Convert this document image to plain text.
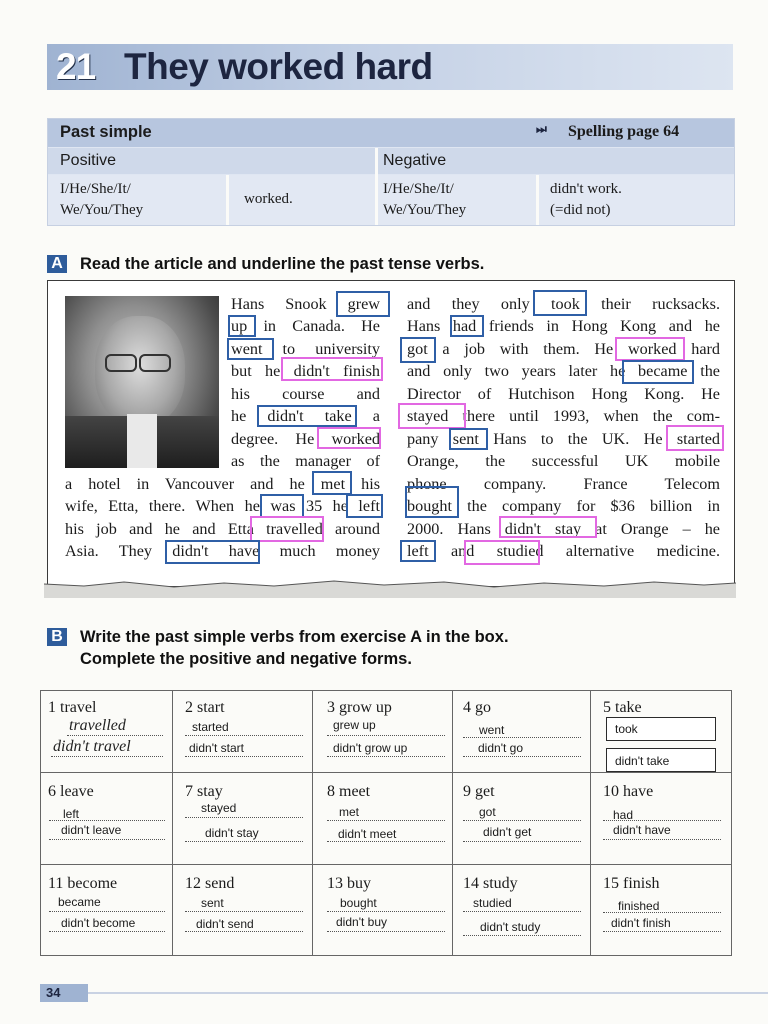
21 They worked hard
Past simple	⏭ Spelling page 64
Positive	Negative
I/He/She/It/
We/You/They
worked.
I/He/She/It/
We/You/They
didn't work.
(=did not)
A Read the article and underline the past tense verbs.
Hans Snook grew
up in Canada. He
went to university
but he didn't finish
his course and
he didn't take a
degree. He worked
as the manager of
a hotel in Vancouver and he met his
wife, Etta, there. When he was 35 he left
his job and he and Etta travelled around
Asia. They didn't have much money
and they only took their rucksacks.
Hans had friends in Hong Kong and he
got a job with them. He worked hard
and only two years later he became the
Director of Hutchison Hong Kong. He
stayed there until 1993, when the com-
pany sent Hans to the UK. He started
Orange, the successful UK mobile
phone company. France Telecom
bought the company for $36 billion in
2000. Hans didn't stay at Orange – he
left and studied alternative medicine.
B Write the past simple verbs from exercise A in the box.
Complete the positive and negative forms.
1 travel
travelled
didn't travel
2 start
started
didn't start
3 grow up
grew up
didn't grow up
4 go
went
didn't go
5 take
took
didn't take
6 leave
left
didn't leave
7 stay
stayed
didn't stay
8 meet
met
didn't meet
9 get
got
didn't get
10 have
had
didn't have
11 become
became
didn't become
12 send
sent
didn't send
13 buy
bought
didn't buy
14 study
studied
didn't study
15 finish
finished
didn't finish
34
